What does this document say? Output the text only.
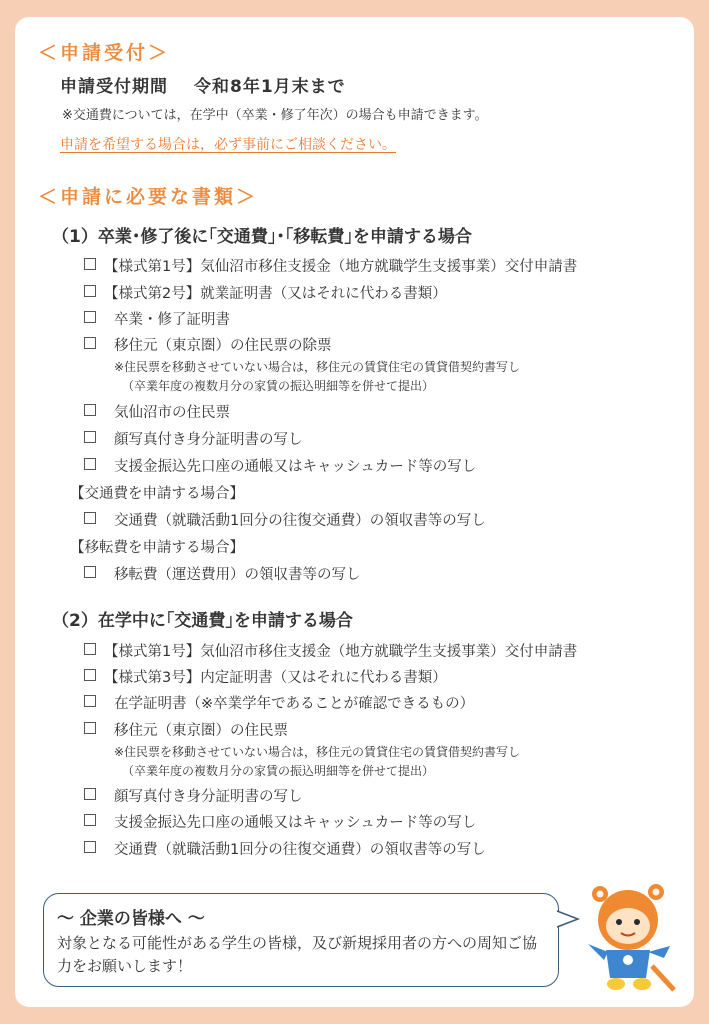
＜申請受付＞
申請受付期間 令和8年1月末まで
※交通費については，在学中（卒業・修了年次）の場合も申請できます。
申請を希望する場合は，必ず事前にご相談ください。
＜申請に必要な書類＞
（1）卒業･修了後に｢交通費｣･｢移転費｣を申請する場合
【様式第1号】気仙沼市移住支援金（地方就職学生支援事業）交付申請書
【様式第2号】就業証明書（又はそれに代わる書類）
卒業・修了証明書
移住元（東京圏）の住民票の除票
※住民票を移動させていない場合は，移住元の賃貸住宅の賃貸借契約書写し
（卒業年度の複数月分の家賃の振込明細等を併せて提出）
気仙沼市の住民票
顔写真付き身分証明書の写し
支援金振込先口座の通帳又はキャッシュカード等の写し
【交通費を申請する場合】
交通費（就職活動1回分の往復交通費）の領収書等の写し
【移転費を申請する場合】
移転費（運送費用）の領収書等の写し
（2）在学中に｢交通費｣を申請する場合
【様式第1号】気仙沼市移住支援金（地方就職学生支援事業）交付申請書
【様式第3号】内定証明書（又はそれに代わる書類）
在学証明書（※卒業学年であることが確認できるもの）
移住元（東京圏）の住民票
※住民票を移動させていない場合は，移住元の賃貸住宅の賃貸借契約書写し
（卒業年度の複数月分の家賃の振込明細等を併せて提出）
顔写真付き身分証明書の写し
支援金振込先口座の通帳又はキャッシュカード等の写し
交通費（就職活動1回分の往復交通費）の領収書等の写し
～ 企業の皆様へ ～
対象となる可能性がある学生の皆様，及び新規採用者の方への周知ご協力をお願いします！
